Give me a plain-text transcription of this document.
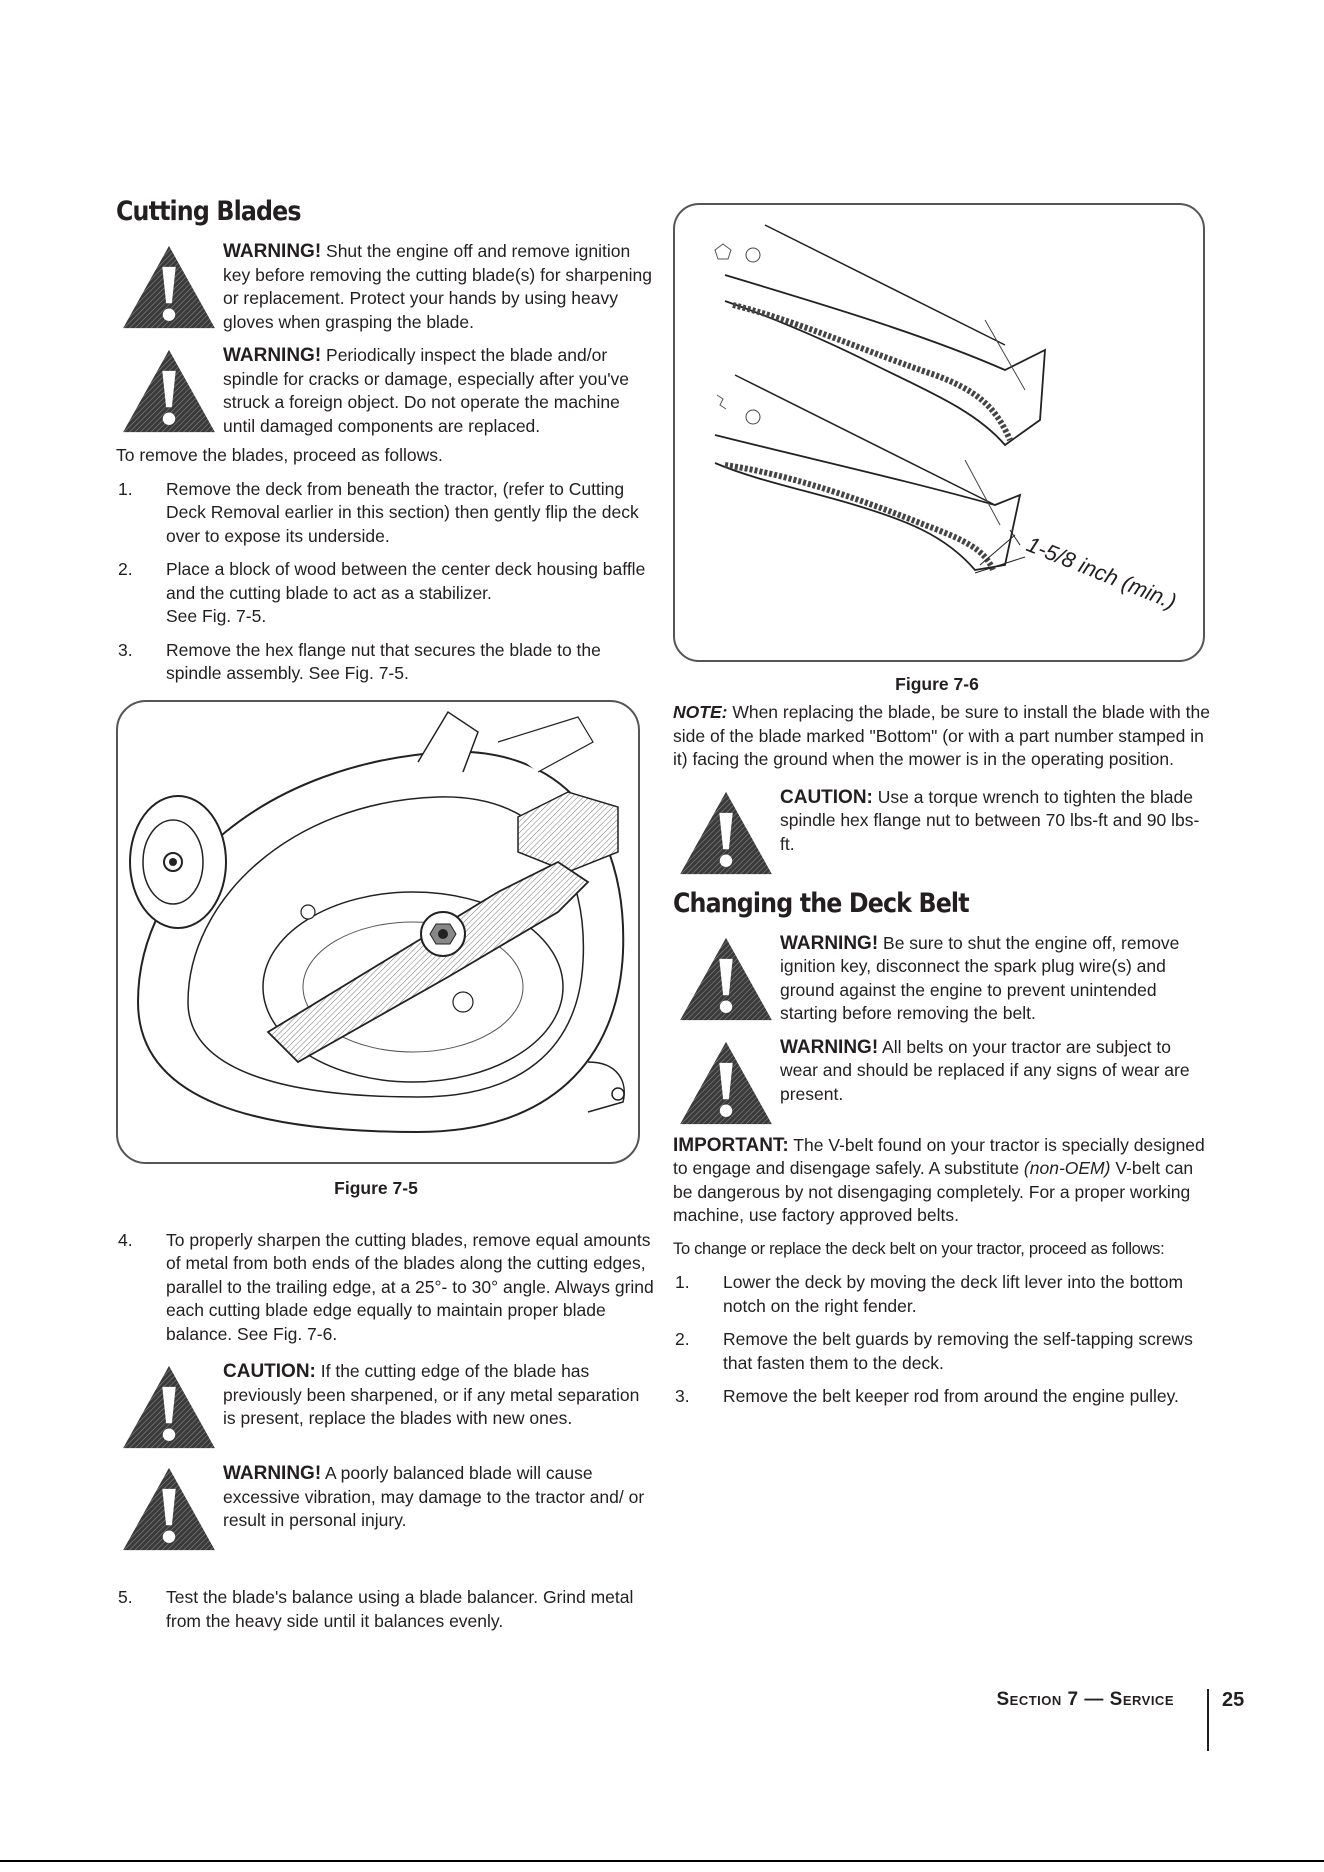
Cutting Blades

WARNING! Shut the engine off and remove ignition key before removing the cutting blade(s) for sharpening or replacement. Protect your hands by using heavy gloves when grasping the blade.

WARNING! Periodically inspect the blade and/or spindle for cracks or damage, especially after you've struck a foreign object. Do not operate the machine until damaged components are replaced.

To remove the blades, proceed as follows.

1. Remove the deck from beneath the tractor, (refer to Cutting Deck Removal earlier in this section) then gently flip the deck over to expose its underside.
2. Place a block of wood between the center deck housing baffle and the cutting blade to act as a stabilizer.
See Fig. 7-5.
3. Remove the hex flange nut that secures the blade to the spindle assembly. See Fig. 7-5.
Figure 7-5
4. To properly sharpen the cutting blades, remove equal amounts of metal from both ends of the blades along the cutting edges, parallel to the trailing edge, at a 25°- to 30° angle. Always grind each cutting blade edge equally to maintain proper blade balance. See Fig. 7-6.

CAUTION: If the cutting edge of the blade has previously been sharpened, or if any metal separation is present, replace the blades with new ones.

WARNING! A poorly balanced blade will cause excessive vibration, may damage to the tractor and/ or result in personal injury.

5. Test the blade's balance using a blade balancer. Grind metal from the heavy side until it balances evenly.
1-5/8 inch (min.)
Figure 7-6

NOTE: When replacing the blade, be sure to install the blade with the side of the blade marked "Bottom" (or with a part number stamped in it) facing the ground when the mower is in the operating position.

CAUTION: Use a torque wrench to tighten the blade spindle hex flange nut to between 70 lbs-ft and 90 lbs-ft.

Changing the Deck Belt

WARNING! Be sure to shut the engine off, remove ignition key, disconnect the spark plug wire(s) and ground against the engine to prevent unintended starting before removing the belt.

WARNING! All belts on your tractor are subject to wear and should be replaced if any signs of wear are present.

IMPORTANT: The V-belt found on your tractor is specially designed to engage and disengage safely. A substitute (non-OEM) V-belt can be dangerous by not disengaging completely. For a proper working machine, use factory approved belts.

To change or replace the deck belt on your tractor, proceed as follows:

1. Lower the deck by moving the deck lift lever into the bottom notch on the right fender.
2. Remove the belt guards by removing the self-tapping screws that fasten them to the deck.
3. Remove the belt keeper rod from around the engine pulley.
Section 7 — Service 25
